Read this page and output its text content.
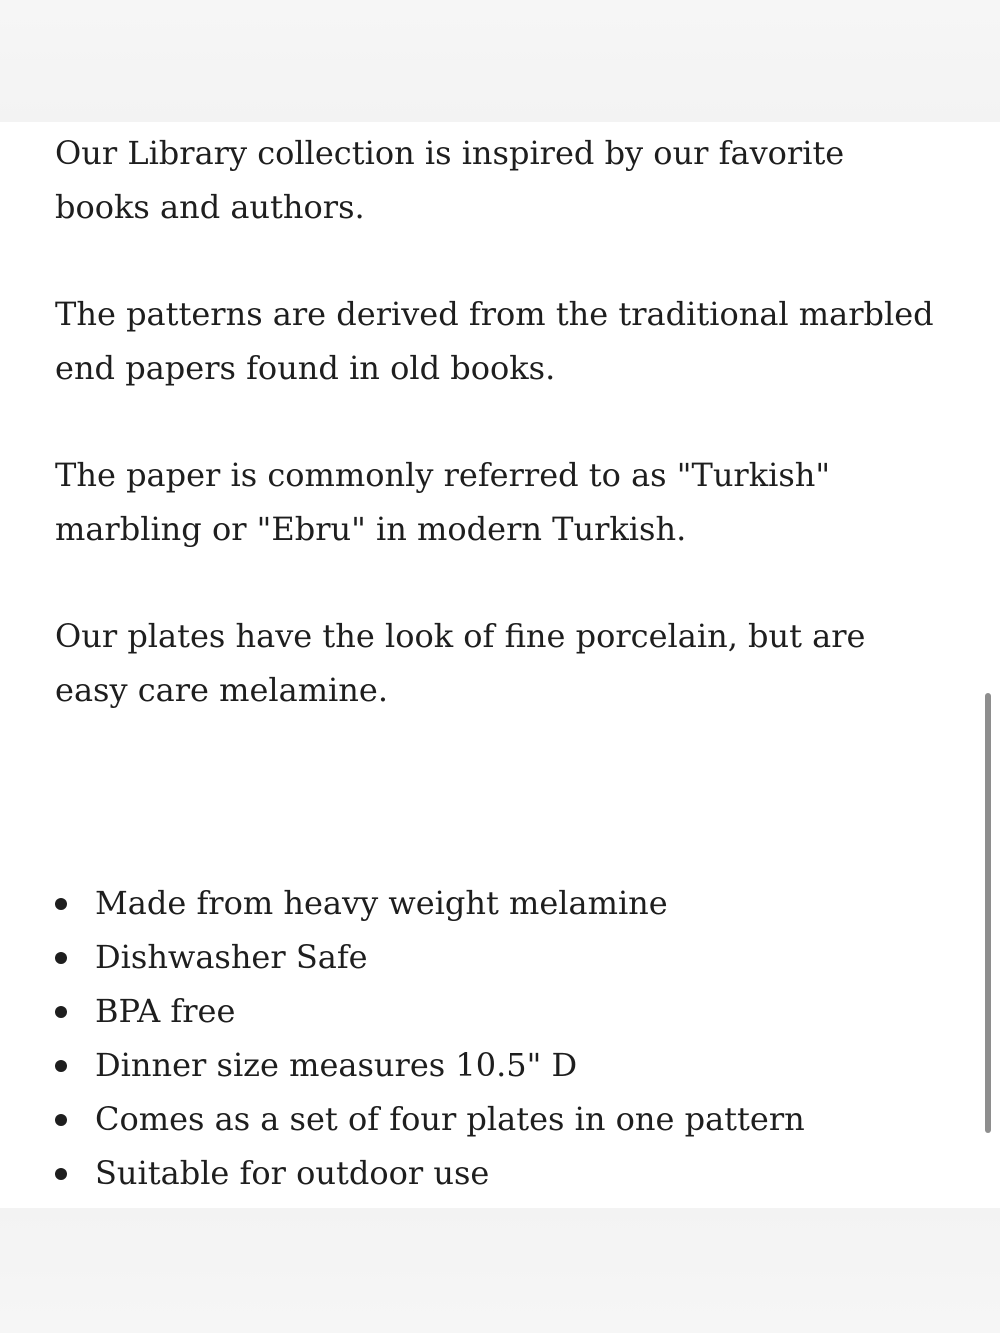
Our Library collection is inspired by our favorite books and authors.

The patterns are derived from the traditional marbled end papers found in old books.

The paper is commonly referred to as "Turkish" marbling or "Ebru" in modern Turkish.

Our plates have the look of fine porcelain, but are easy care melamine.

Made from heavy weight melamine
Dishwasher Safe
BPA free
Dinner size measures 10.5" D
Comes as a set of four plates in one pattern
Suitable for outdoor use
